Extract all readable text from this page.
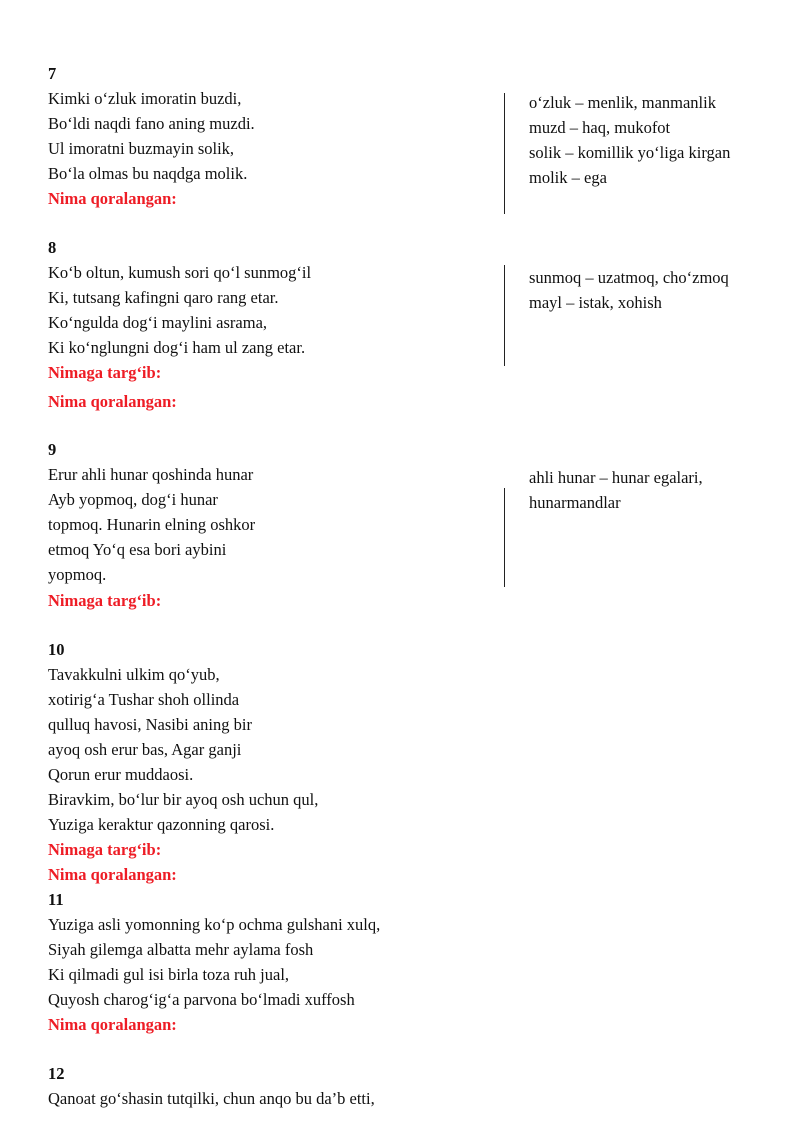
7
Kimki o‘zluk imoratin buzdi,
Bo‘ldi naqdi fano aning muzdi.
Ul imoratni buzmayin solik,
Bo‘la olmas bu naqdga molik.
Nima qoralangan:
o‘zluk – menlik, manmanlik
muzd – haq, mukofot
solik – komillik yo‘liga kirgan
molik – ega
8
Ko‘b oltun, kumush sori qo‘l sunmog‘il
Ki, tutsang kafingni qaro rang etar.
Ko‘ngulda dog‘i maylini asrama,
Ki ko‘nglungni dog‘i ham ul zang etar.
Nimaga targ‘ib:
Nima qoralangan:
sunmoq – uzatmoq, cho‘zmoq
mayl – istak, xohish
9
Erur ahli hunar qoshinda hunar
Ayb yopmoq, dog‘i hunar
topmoq. Hunarin elning oshkor
etmoq Yo‘q esa bori aybini
yopmoq.
Nimaga targ‘ib:
ahli hunar – hunar egalari,
hunarmandlar
10
Tavakkulni ulkim qo‘yub,
xotirig‘a Tushar shoh ollinda
qulluq havosi, Nasibi aning bir
ayoq osh erur bas, Agar ganji
Qorun erur muddaosi.
Biravkim, bo‘lur bir ayoq osh uchun qul,
Yuziga keraktur qazonning qarosi.
Nimaga targ‘ib:
Nima qoralangan:
11
Yuziga asli yomonning ko‘p ochma gulshani xulq,
Siyah gilemga albatta mehr aylama fosh
Ki qilmadi gul isi birla toza ruh jual,
Quyosh charog‘ig‘a parvona bo‘lmadi xuffosh
Nima qoralangan:
12
Qanoat go‘shasin tutqilki, chun anqo bu da’b etti,
